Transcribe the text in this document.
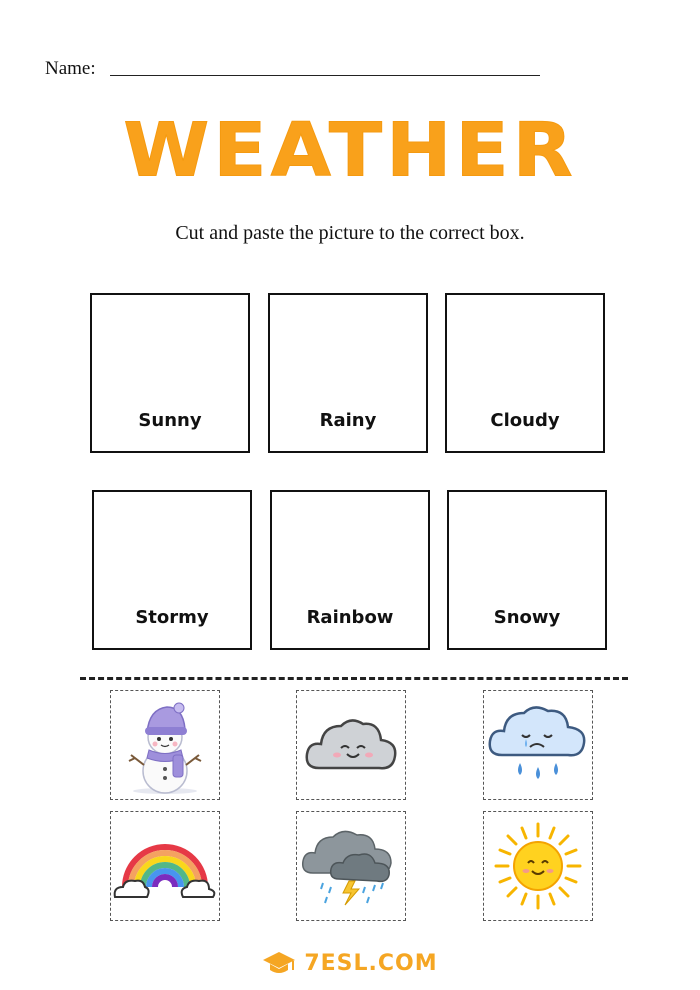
Name:
WEATHER
Cut and paste the picture to the correct box.
Sunny	Rainy	Cloudy
Stormy	Rainbow	Snowy
7ESL.COM
